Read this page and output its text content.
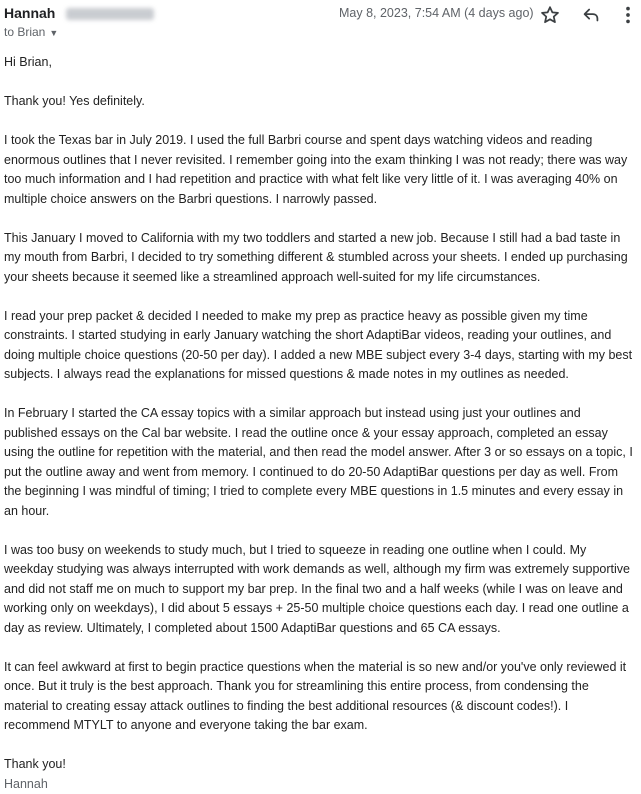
Hannah
to Brian ▼
May 8, 2023, 7:54 AM (4 days ago)

Hi Brian,

Thank you! Yes definitely.

I took the Texas bar in July 2019. I used the full Barbri course and spent days watching videos and reading enormous outlines that I never revisited. I remember going into the exam thinking I was not ready; there was way too much information and I had repetition and practice with what felt like very little of it. I was averaging 40% on multiple choice answers on the Barbri questions. I narrowly passed.

This January I moved to California with my two toddlers and started a new job. Because I still had a bad taste in my mouth from Barbri, I decided to try something different & stumbled across your sheets. I ended up purchasing your sheets because it seemed like a streamlined approach well-suited for my life circumstances.

I read your prep packet & decided I needed to make my prep as practice heavy as possible given my time constraints. I started studying in early January watching the short AdaptiBar videos, reading your outlines, and doing multiple choice questions (20-50 per day). I added a new MBE subject every 3-4 days, starting with my best subjects. I always read the explanations for missed questions & made notes in my outlines as needed.

In February I started the CA essay topics with a similar approach but instead using just your outlines and published essays on the Cal bar website. I read the outline once & your essay approach, completed an essay using the outline for repetition with the material, and then read the model answer. After 3 or so essays on a topic, I put the outline away and went from memory. I continued to do 20-50 AdaptiBar questions per day as well. From the beginning I was mindful of timing; I tried to complete every MBE questions in 1.5 minutes and every essay in an hour.

I was too busy on weekends to study much, but I tried to squeeze in reading one outline when I could. My weekday studying was always interrupted with work demands as well, although my firm was extremely supportive and did not staff me on much to support my bar prep. In the final two and a half weeks (while I was on leave and working only on weekdays), I did about 5 essays + 25-50 multiple choice questions each day. I read one outline a day as review. Ultimately, I completed about 1500 AdaptiBar questions and 65 CA essays.

It can feel awkward at first to begin practice questions when the material is so new and/or you've only reviewed it once. But it truly is the best approach. Thank you for streamlining this entire process, from condensing the material to creating essay attack outlines to finding the best additional resources (& discount codes!). I recommend MTYLT to anyone and everyone taking the bar exam.

Thank you!

Hannah
